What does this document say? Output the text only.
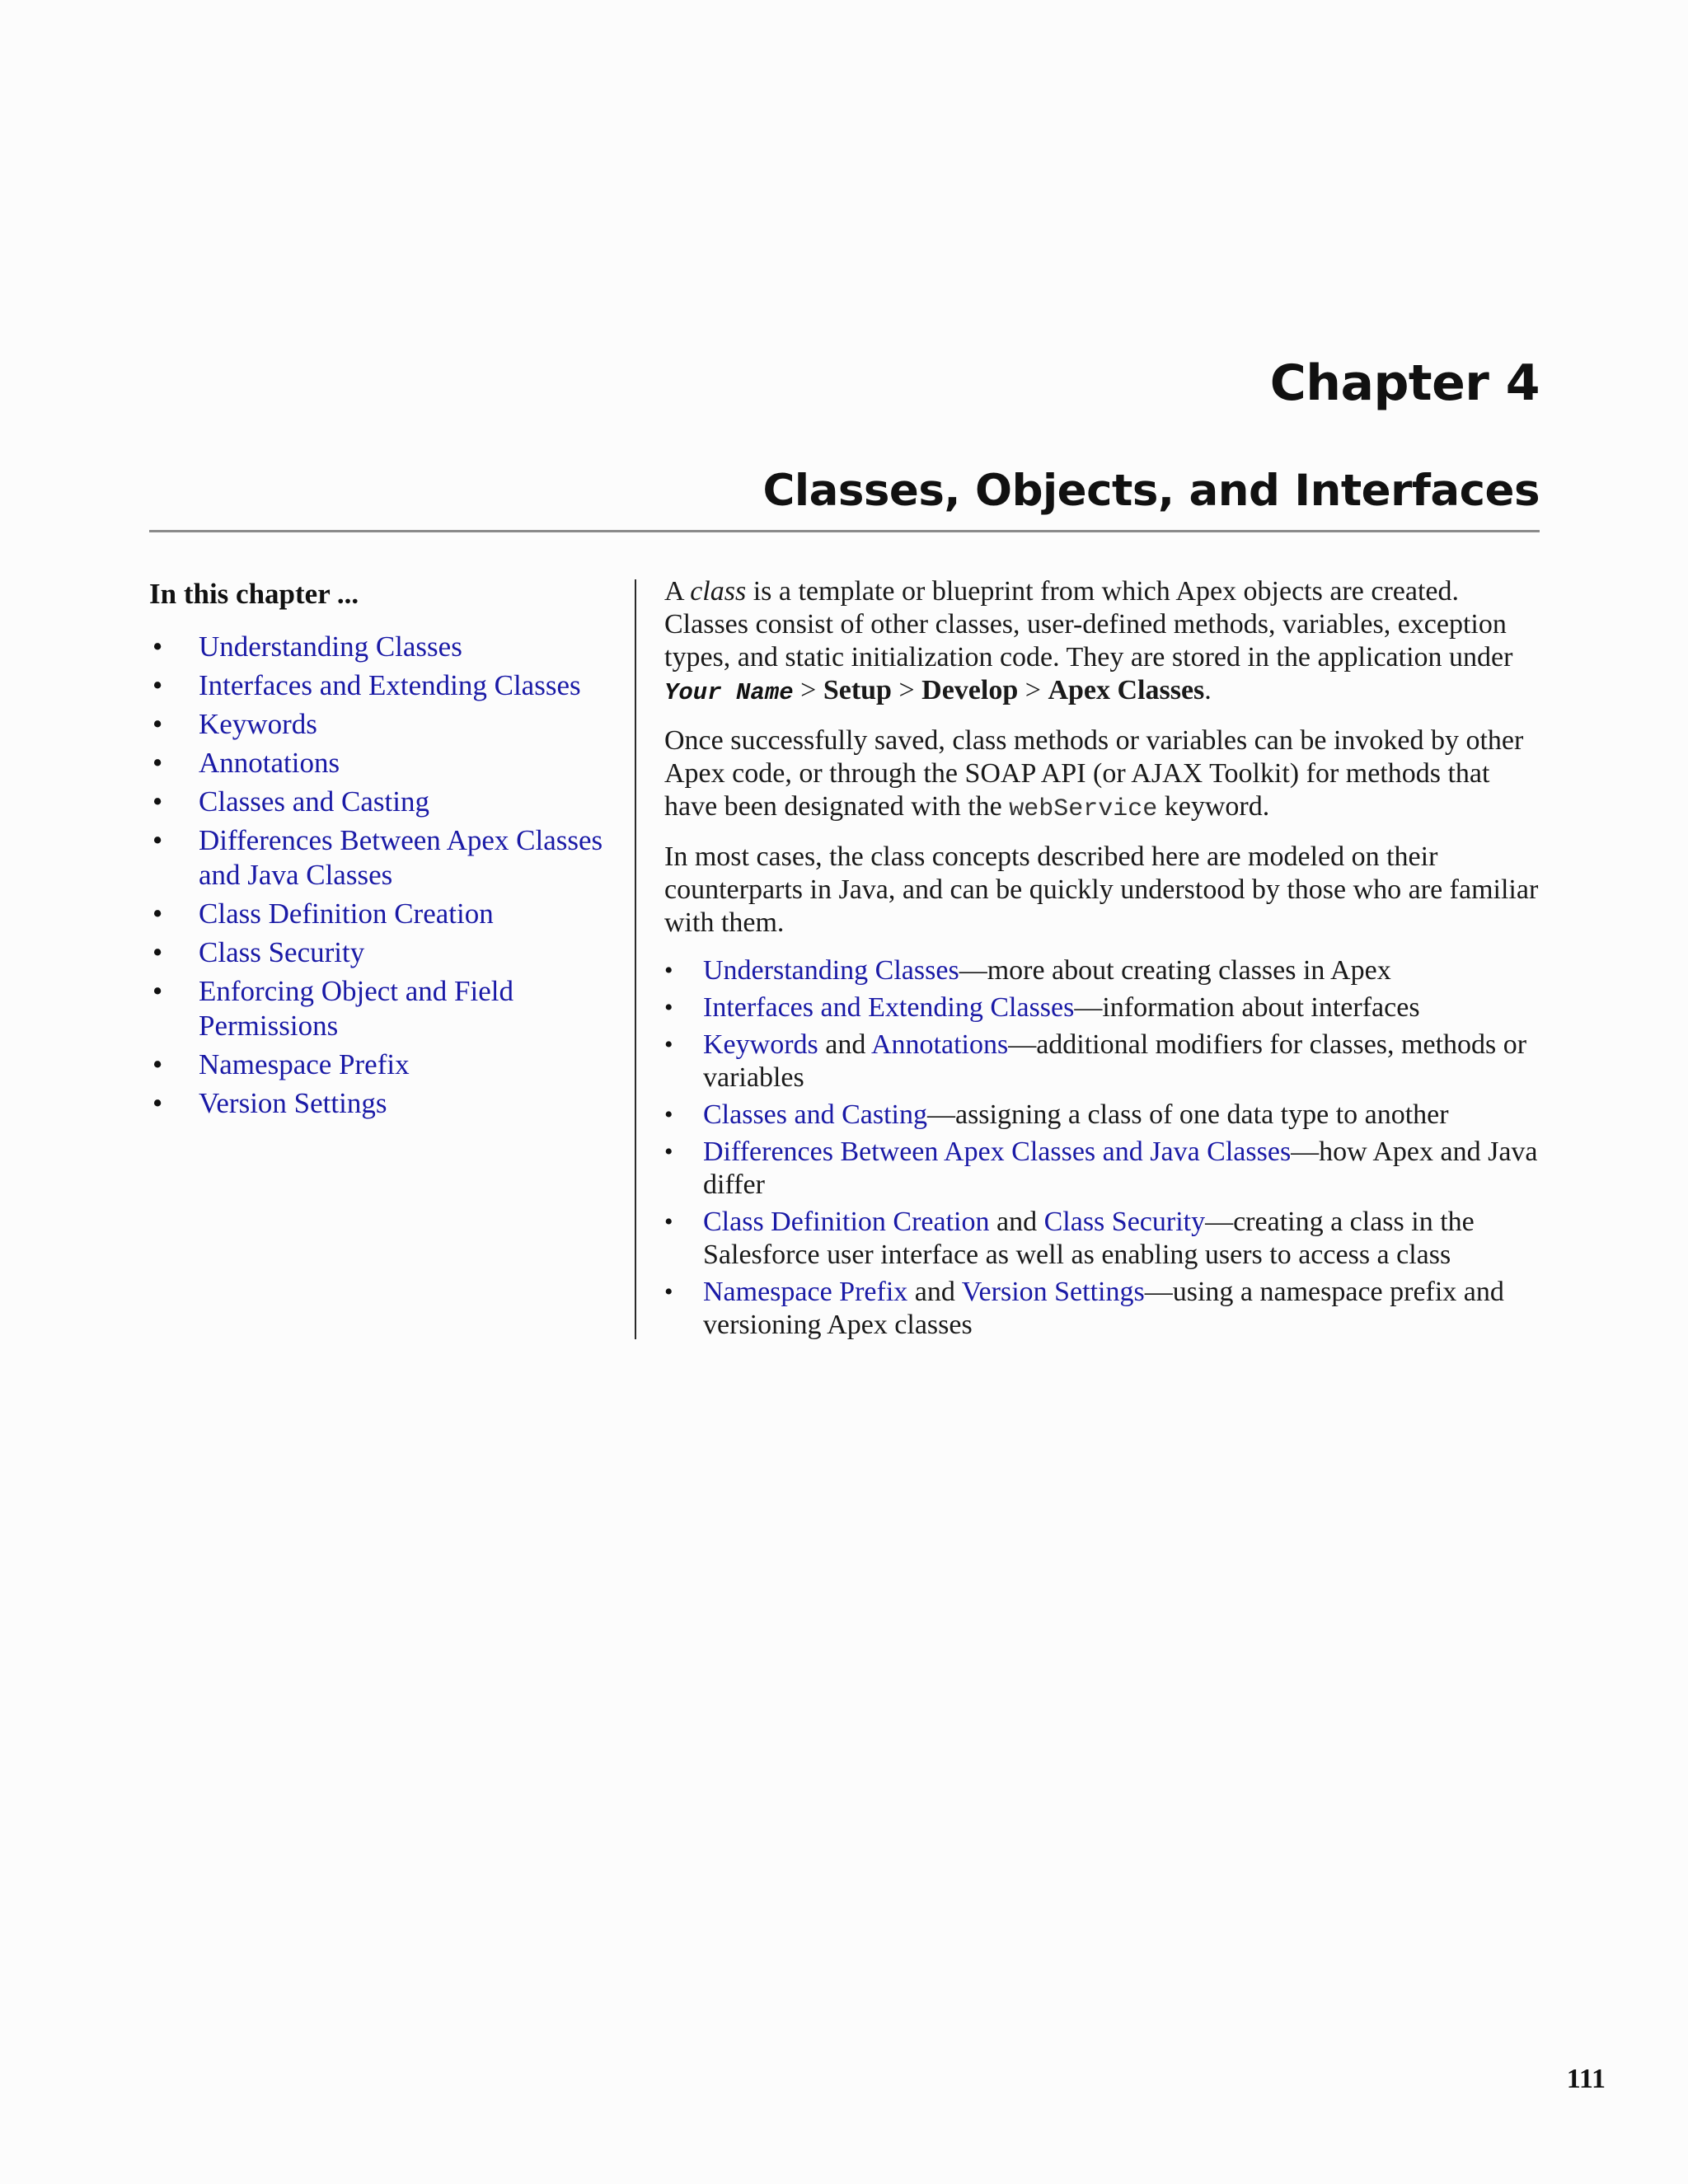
Chapter 4
Classes, Objects, and Interfaces
In this chapter ...
• Understanding Classes
• Interfaces and Extending Classes
• Keywords
• Annotations
• Classes and Casting
• Differences Between Apex Classes and Java Classes
• Class Definition Creation
• Class Security
• Enforcing Object and Field Permissions
• Namespace Prefix
• Version Settings

A class is a template or blueprint from which Apex objects are created. Classes consist of other classes, user-defined methods, variables, exception types, and static initialization code. They are stored in the application under Your Name > Setup > Develop > Apex Classes.

Once successfully saved, class methods or variables can be invoked by other Apex code, or through the SOAP API (or AJAX Toolkit) for methods that have been designated with the webService keyword.

In most cases, the class concepts described here are modeled on their counterparts in Java, and can be quickly understood by those who are familiar with them.

• Understanding Classes—more about creating classes in Apex
• Interfaces and Extending Classes—information about interfaces
• Keywords and Annotations—additional modifiers for classes, methods or variables
• Classes and Casting—assigning a class of one data type to another
• Differences Between Apex Classes and Java Classes—how Apex and Java differ
• Class Definition Creation and Class Security—creating a class in the Salesforce user interface as well as enabling users to access a class
• Namespace Prefix and Version Settings—using a namespace prefix and versioning Apex classes
111
